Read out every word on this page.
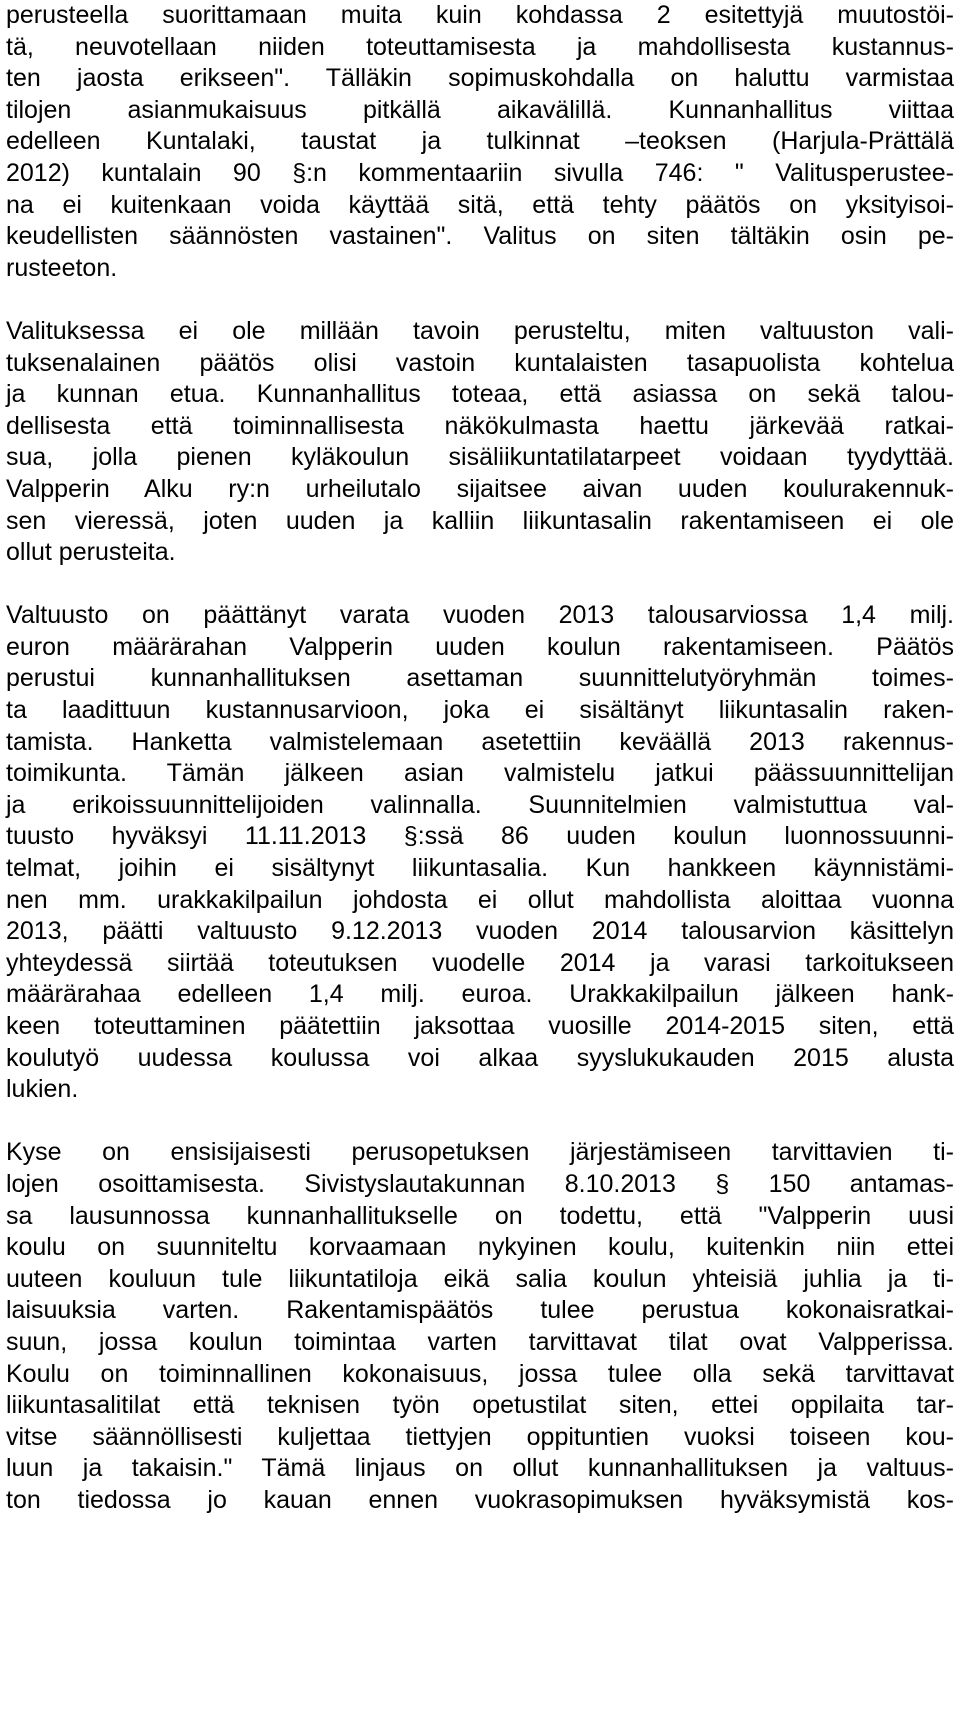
perusteella suorittamaan muita kuin kohdassa 2 esitettyjä muutostöi-
tä, neuvotellaan niiden toteuttamisesta ja mahdollisesta kustannus-
ten jaosta erikseen". Tälläkin sopimuskohdalla on haluttu varmistaa
tilojen asianmukaisuus pitkällä aikavälillä. Kunnanhallitus viittaa
edelleen Kuntalaki, taustat ja tulkinnat –teoksen (Harjula-Prättälä
2012) kuntalain 90 §:n kommentaariin sivulla 746: " Valitusperustee-
na ei kuitenkaan voida käyttää sitä, että tehty päätös on yksityisoi-
keudellisten säännösten vastainen". Valitus on siten tältäkin osin pe-
rusteeton.
Valituksessa ei ole millään tavoin perusteltu, miten valtuuston vali-
tuksenalainen päätös olisi vastoin kuntalaisten tasapuolista kohtelua
ja kunnan etua. Kunnanhallitus toteaa, että asiassa on sekä talou-
dellisesta että toiminnallisesta näkökulmasta haettu järkevää ratkai-
sua, jolla pienen kyläkoulun sisäliikuntatilatarpeet voidaan tyydyttää.
Valpperin Alku ry:n urheilutalo sijaitsee aivan uuden koulurakennuk-
sen vieressä, joten uuden ja kalliin liikuntasalin rakentamiseen ei ole
ollut perusteita.
Valtuusto on päättänyt varata vuoden 2013 talousarviossa 1,4 milj.
euron määrärahan Valpperin uuden koulun rakentamiseen. Päätös
perustui kunnanhallituksen asettaman suunnittelutyöryhmän toimes-
ta laadittuun kustannusarvioon, joka ei sisältänyt liikuntasalin raken-
tamista. Hanketta valmistelemaan asetettiin keväällä 2013 rakennus-
toimikunta. Tämän jälkeen asian valmistelu jatkui päässuunnittelijan
ja erikoissuunnittelijoiden valinnalla. Suunnitelmien valmistuttua val-
tuusto hyväksyi 11.11.2013 §:ssä 86 uuden koulun luonnossuunni-
telmat, joihin ei sisältynyt liikuntasalia. Kun hankkeen käynnistämi-
nen mm. urakkakilpailun johdosta ei ollut mahdollista aloittaa vuonna
2013, päätti valtuusto 9.12.2013 vuoden 2014 talousarvion käsittelyn
yhteydessä siirtää toteutuksen vuodelle 2014 ja varasi tarkoitukseen
määrärahaa edelleen 1,4 milj. euroa. Urakkakilpailun jälkeen hank-
keen toteuttaminen päätettiin jaksottaa vuosille 2014-2015 siten, että
koulutyö uudessa koulussa voi alkaa syyslukukauden 2015 alusta
lukien.
Kyse on ensisijaisesti perusopetuksen järjestämiseen tarvittavien ti-
lojen osoittamisesta. Sivistyslautakunnan 8.10.2013 § 150 antamas-
sa lausunnossa kunnanhallitukselle on todettu, että "Valpperin uusi
koulu on suunniteltu korvaamaan nykyinen koulu, kuitenkin niin ettei
uuteen kouluun tule liikuntatiloja eikä salia koulun yhteisiä juhlia ja ti-
laisuuksia varten. Rakentamispäätös tulee perustua kokonaisratkai-
suun, jossa koulun toimintaa varten tarvittavat tilat ovat Valpperissa.
Koulu on toiminnallinen kokonaisuus, jossa tulee olla sekä tarvittavat
liikuntasalitilat että teknisen työn opetustilat siten, ettei oppilaita tar-
vitse säännöllisesti kuljettaa tiettyjen oppituntien vuoksi toiseen kou-
luun ja takaisin." Tämä linjaus on ollut kunnanhallituksen ja valtuus-
ton tiedossa jo kauan ennen vuokrasopimuksen hyväksymistä kos-
